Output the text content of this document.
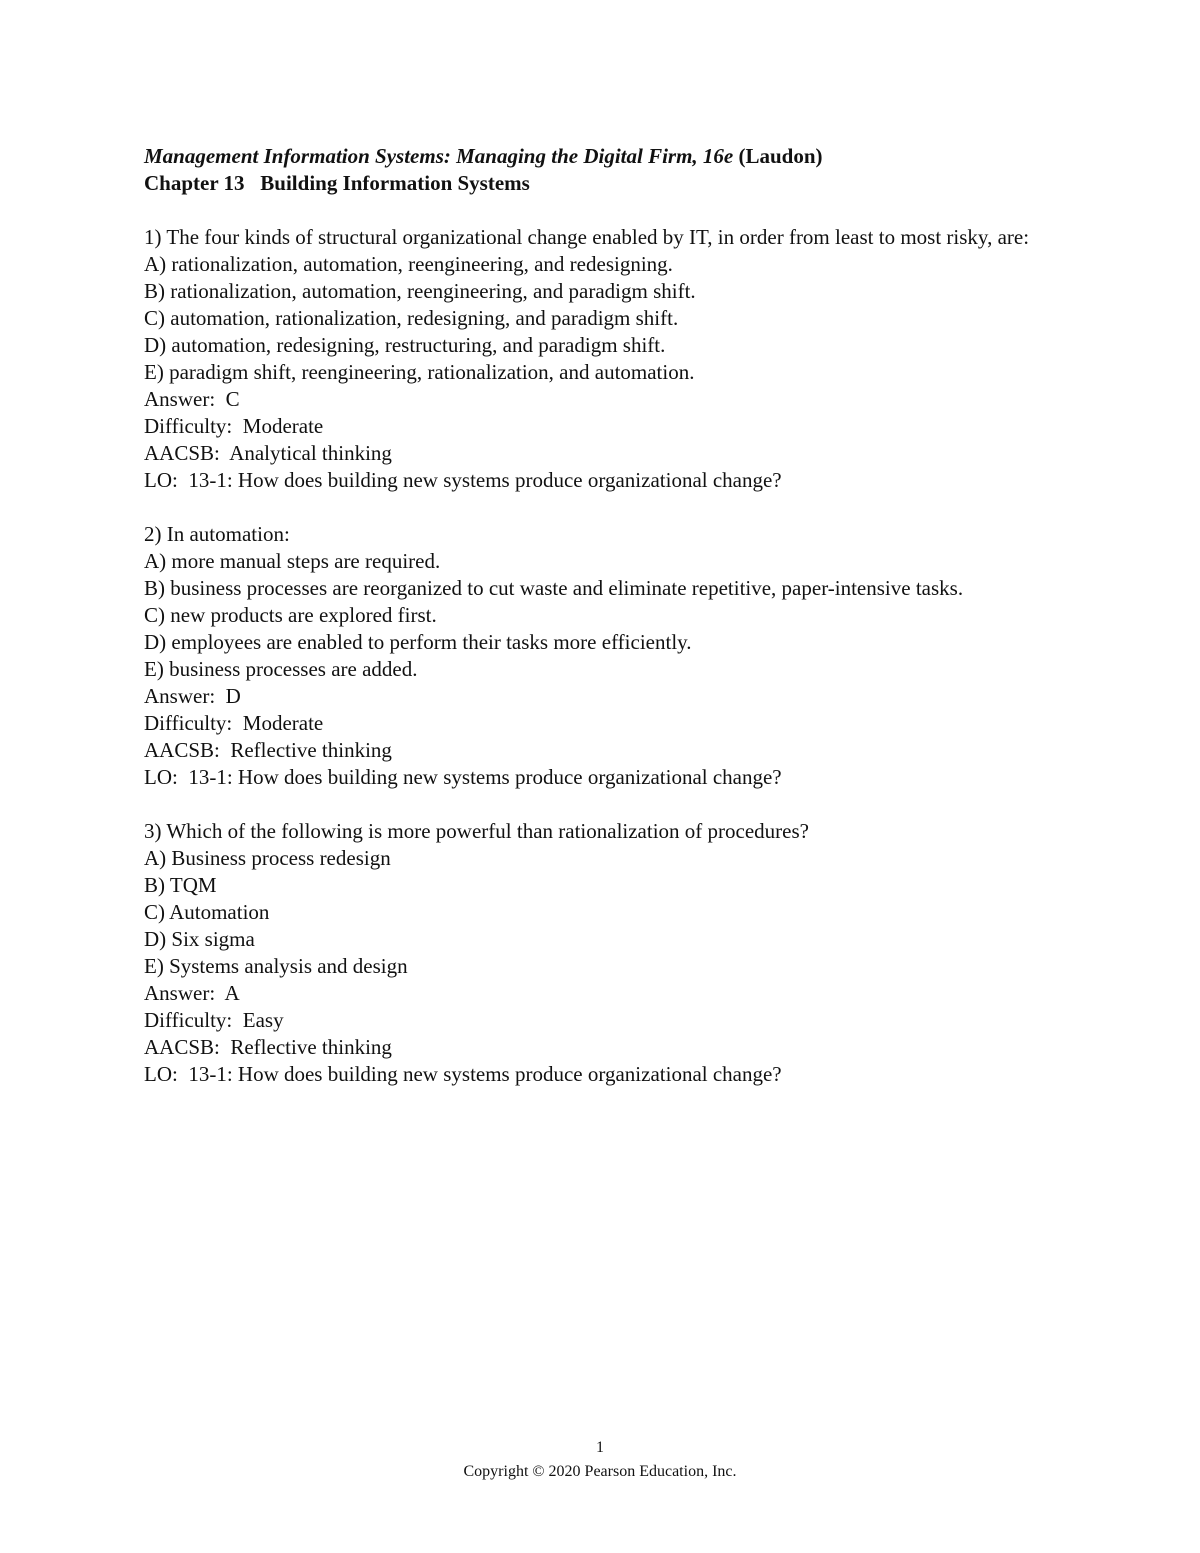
Management Information Systems: Managing the Digital Firm, 16e (Laudon)
Chapter 13   Building Information Systems
1) The four kinds of structural organizational change enabled by IT, in order from least to most risky, are:
A) rationalization, automation, reengineering, and redesigning.
B) rationalization, automation, reengineering, and paradigm shift.
C) automation, rationalization, redesigning, and paradigm shift.
D) automation, redesigning, restructuring, and paradigm shift.
E) paradigm shift, reengineering, rationalization, and automation.
Answer:  C
Difficulty:  Moderate
AACSB:  Analytical thinking
LO:  13-1: How does building new systems produce organizational change?
2) In automation:
A) more manual steps are required.
B) business processes are reorganized to cut waste and eliminate repetitive, paper-intensive tasks.
C) new products are explored first.
D) employees are enabled to perform their tasks more efficiently.
E) business processes are added.
Answer:  D
Difficulty:  Moderate
AACSB:  Reflective thinking
LO:  13-1: How does building new systems produce organizational change?
3) Which of the following is more powerful than rationalization of procedures?
A) Business process redesign
B) TQM
C) Automation
D) Six sigma
E) Systems analysis and design
Answer:  A
Difficulty:  Easy
AACSB:  Reflective thinking
LO:  13-1: How does building new systems produce organizational change?
1
Copyright © 2020 Pearson Education, Inc.
